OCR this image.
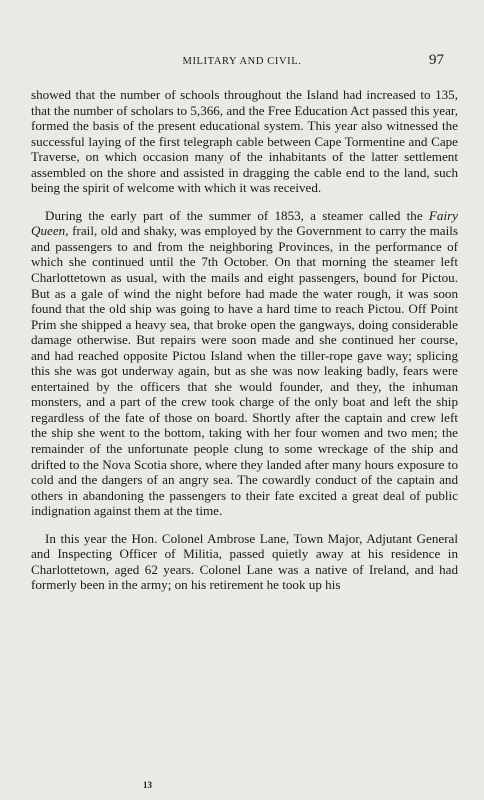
MILITARY AND CIVIL.	97

showed that the number of schools throughout the Island had increased to 135, that the number of scholars to 5,366, and the Free Education Act passed this year, formed the basis of the present educational system. This year also witnessed the successful laying of the first telegraph cable between Cape Tormentine and Cape Traverse, on which occasion many of the inhabitants of the latter settlement assembled on the shore and assisted in dragging the cable end to the land, such being the spirit of welcome with which it was received.

During the early part of the summer of 1853, a steamer called the Fairy Queen, frail, old and shaky, was employed by the Government to carry the mails and passengers to and from the neighboring Provinces, in the performance of which she continued until the 7th October. On that morning the steamer left Charlottetown as usual, with the mails and eight passengers, bound for Pictou. But as a gale of wind the night before had made the water rough, it was soon found that the old ship was going to have a hard time to reach Pictou. Off Point Prim she shipped a heavy sea, that broke open the gangways, doing considerable damage otherwise. But repairs were soon made and she continued her course, and had reached opposite Pictou Island when the tiller-rope gave way; splicing this she was got underway again, but as she was now leaking badly, fears were entertained by the officers that she would founder, and they, the inhuman monsters, and a part of the crew took charge of the only boat and left the ship regardless of the fate of those on board. Shortly after the captain and crew left the ship she went to the bottom, taking with her four women and two men; the remainder of the unfortunate people clung to some wreckage of the ship and drifted to the Nova Scotia shore, where they landed after many hours exposure to cold and the dangers of an angry sea. The cowardly conduct of the captain and others in abandoning the passengers to their fate excited a great deal of public indignation against them at the time.

In this year the Hon. Colonel Ambrose Lane, Town Major, Adjutant General and Inspecting Officer of Militia, passed quietly away at his residence in Charlottetown, aged 62 years. Colonel Lane was a native of Ireland, and had formerly been in the army; on his retirement he took up his

13
